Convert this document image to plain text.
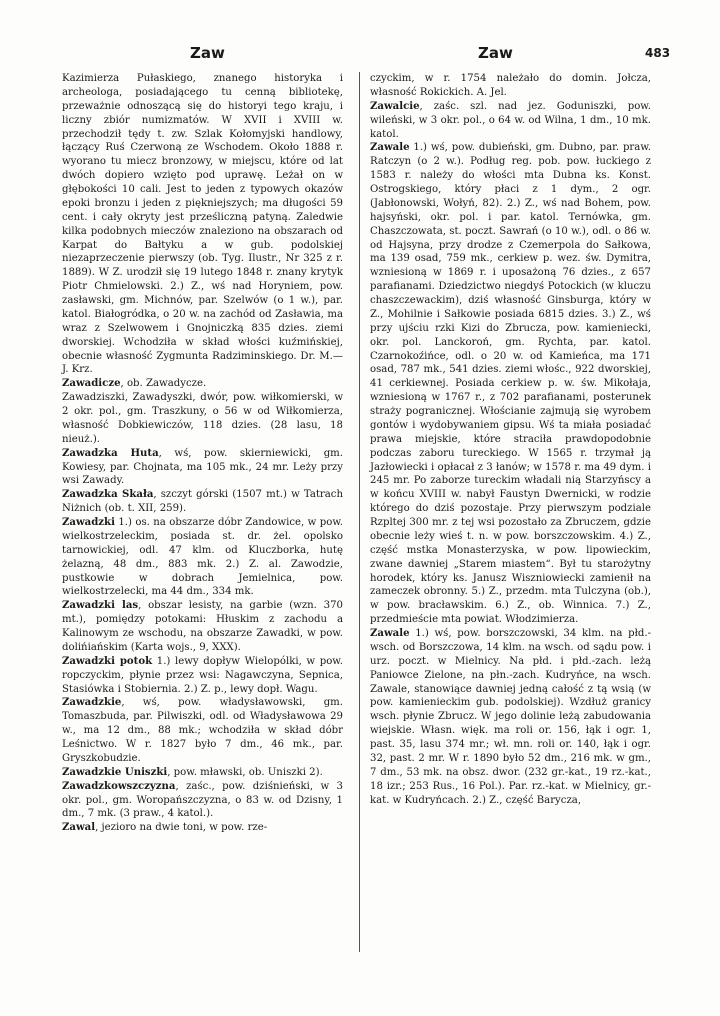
Zaw	Zaw	483

Kazimierza Pułaskiego, znanego historyka i archeologa, posiadającego tu cenną bibliotekę, przeważnie odnoszącą się do historyi tego kraju, i liczny zbiór numizmatów. W XVII i XVIII w. przechodził tędy t. zw. Szlak Kołomyjski handlowy, łączący Ruś Czerwoną ze Wschodem. Około 1888 r. wyorano tu miecz bronzowy, w miejscu, które od lat dwóch dopiero wzięto pod uprawę. Leżał on w głębokości 10 cali. Jest to jeden z typowych okazów epoki bronzu i jeden z piękniejszych; ma długości 59 cent. i cały okryty jest prześliczną patyną. Zaledwie kilka podobnych mieczów znaleziono na obszarach od Karpat do Bałtyku a w gub. podolskiej niezaprzeczenie pierwszy (ob. Tyg. Ilustr., Nr 325 z r. 1889). W Z. urodził się 19 lutego 1848 r. znany krytyk Piotr Chmielowski. 2.) Z., wś nad Horyniem, pow. zasławski, gm. Michnów, par. Szelwów (o 1 w.), par. katol. Białogródka, o 20 w. na zachód od Zasławia, ma wraz z Szelwowem i Gnojniczką 835 dzies. ziemi dworskiej. Wchodziła w skład włości kuźmińskiej, obecnie własność Zygmunta Radziminskiego. Dr. M.—J. Krz.

Zawadicze, ob. Zawadycze.

Zawadziszki, Zawadyszki, dwór, pow. wiłkomierski, w 2 okr. pol., gm. Traszkuny, o 56 w od Wiłkomierza, własność Dobkiewiczów, 118 dzies. (28 lasu, 18 nieuż.).

Zawadzka Huta, wś, pow. skierniewicki, gm. Kowiesy, par. Chojnata, ma 105 mk., 24 mr. Leży przy wsi Zawady.

Zawadzka Skała, szczyt górski (1507 mt.) w Tatrach Niżnich (ob. t. XII, 259).

Zawadzki 1.) os. na obszarze dóbr Zandowice, w pow. wielkostrzeleckim, posiada st. dr. żel. opolsko tarnowickiej, odl. 47 klm. od Kluczborka, hutę żelazną, 48 dm., 883 mk. 2.) Z. al. Zawodzie, pustkowie w dobrach Jemielnica, pow. wielkostrzelecki, ma 44 dm., 334 mk.

Zawadzki las, obszar lesisty, na garbie (wzn. 370 mt.), pomiędzy potokami: Hłuskim z zachodu a Kalinowym ze wschodu, na obszarze Zawadki, w pow. dolińiańskim (Karta wojs., 9, XXX).

Zawadzki potok 1.) lewy dopływ Wielopólki, w pow. ropczyckim, płynie przez wsi: Nagawczyna, Sepnica, Stasiówka i Stobiernia. 2.) Z. p., lewy dopł. Wagu.

Zawadzkie, wś, pow. władysławowski, gm. Tomaszbuda, par. Pilwiszki, odl. od Władysławowa 29 w., ma 12 dm., 88 mk.; wchodziła w skład dóbr Leśnictwo. W r. 1827 było 7 dm., 46 mk., par. Gryszkobudzie.

Zawadzkie Uniszki, pow. mławski, ob. Uniszki 2).

Zawadzkowszczyzna, zaśc., pow. dziśnieński, w 3 okr. pol., gm. Woropańszczyzna, o 83 w. od Dzisny, 1 dm., 7 mk. (3 praw., 4 katol.).

Zawal, jezioro na dwie toni, w pow. rze-

czyckim, w r. 1754 należało do domin. Jołcza, własność Rokickich. A. Jel.

Zawalcie, zaśc. szl. nad jez. Goduniszki, pow. wileński, w 3 okr. pol., o 64 w. od Wilna, 1 dm., 10 mk. katol.

Zawale 1.) wś, pow. dubieński, gm. Dubno, par. praw. Ratczyn (o 2 w.). Podług reg. pob. pow. łuckiego z 1583 r. należy do włości mta Dubna ks. Konst. Ostrogskiego, który płaci z 1 dym., 2 ogr. (Jabłonowski, Wołyń, 82). 2.) Z., wś nad Bohem, pow. hajsyński, okr. pol. i par. katol. Ternówka, gm. Chaszczowata, st. poczt. Sawrań (o 10 w.), odl. o 86 w. od Hajsyna, przy drodze z Czemerpola do Sałkowa, ma 139 osad, 759 mk., cerkiew p. wez. św. Dymitra, wzniesioną w 1869 r. i uposażoną 76 dzies., z 657 parafianami. Dziedzictwo niegdyś Potockich (w kluczu chaszczewackim), dziś własność Ginsburga, który w Z., Mohilnie i Sałkowie posiada 6815 dzies. 3.) Z., wś przy ujściu rzki Kizi do Zbrucza, pow. kamieniecki, okr. pol. Lanckoroń, gm. Rychta, par. katol. Czarnokoźińce, odl. o 20 w. od Kamieńca, ma 171 osad, 787 mk., 541 dzies. ziemi włośc., 922 dworskiej, 41 cerkiewnej. Posiada cerkiew p. w. św. Mikołaja, wzniesioną w 1767 r., z 702 parafianami, posterunek straży pogranicznej. Włościanie zajmują się wyrobem gontów i wydobywaniem gipsu. Wś ta miała posiadać prawa miejskie, które straciła prawdopodobnie podczas zaboru tureckiego. W 1565 r. trzymał ją Jazłowiecki i opłacał z 3 łanów; w 1578 r. ma 49 dym. i 245 mr. Po zaborze tureckim władali nią Starzyńscy a w końcu XVIII w. nabył Faustyn Dwernicki, w rodzie którego do dziś pozostaje. Przy pierwszym podziale Rzpltej 300 mr. z tej wsi pozostało za Zbruczem, gdzie obecnie leży wieś t. n. w pow. borszczowskim. 4.) Z., część mstka Monasterzyska, w pow. lipowieckim, zwane dawniej „Starem miastem“. Był tu starożytny horodek, który ks. Janusz Wiszniowiecki zamienił na zameczek obronny. 5.) Z., przedm. mta Tulczyna (ob.), w pow. bracławskim. 6.) Z., ob. Winnica. 7.) Z., przedmieście mta powiat. Włodzimierza.

Zawale 1.) wś, pow. borszczowski, 34 klm. na płd.-wsch. od Borszczowa, 14 klm. na wsch. od sądu pow. i urz. poczt. w Mielnicy. Na płd. i płd.-zach. leżą Paniowce Zielone, na płn.-zach. Kudryńce, na wsch. Zawale, stanowiące dawniej jedną całość z tą wsią (w pow. kamienieckim gub. podolskiej). Wzdłuż granicy wsch. płynie Zbrucz. W jego dolinie leżą zabudowania wiejskie. Własn. więk. ma roli or. 156, łąk i ogr. 1, past. 35, lasu 374 mr.; wł. mn. roli or. 140, łąk i ogr. 32, past. 2 mr. W r. 1890 było 52 dm., 216 mk. w gm., 7 dm., 53 mk. na obsz. dwor. (232 gr.-kat., 19 rz.-kat., 18 izr.; 253 Rus., 16 Pol.). Par. rz.-kat. w Mielnicy, gr.-kat. w Kudryńcach. 2.) Z., część Barycza,
